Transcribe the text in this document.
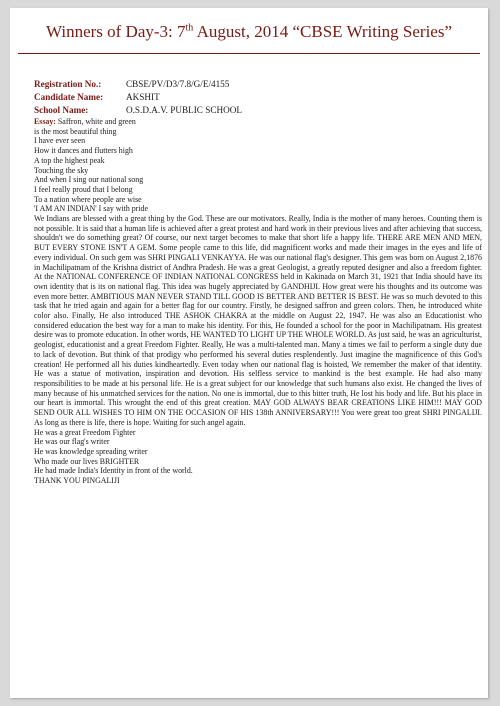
Winners of Day-3: 7th August, 2014 “CBSE Writing Series”
Registration No.:	CBSE/PV/D3/7.8/G/E/4155
Candidate Name:	AKSHIT
School Name:	O.S.D.A.V. PUBLIC SCHOOL
Essay: Saffron, white and green
is the most beautiful thing
I have ever seen
How it dances and flutters high
A top the highest peak
Touching the sky
And when I sing our national song
I feel really proud that I belong
To a nation where people are wise
'I AM AN INDIAN' I say with pride

We Indians are blessed with a great thing by the God. These are our motivators. Really, India is the mother of many heroes. Counting them is not possible. It is said that a human life is achieved after a great protest and hard work in their previous lives and after achieving that success, shouldn't we do something great? Of course, our next target becomes to make that short life a happy life. THERE ARE MEN AND MEN, BUT EVERY STONE ISN'T A GEM. Some people came to this life, did magnificent works and made their images in the eyes and life of every individual. On such gem was SHRI PINGALI VENKAYYA. He was our national flag's designer. This gem was born on August 2,1876 in Machilipatnam of the Krishna district of Andhra Pradesh. He was a great Geologist, a greatly reputed designer and also a freedom fighter. At the NATIONAL CONFERENCE OF INDIAN NATIONAL CONGRESS held in Kakinada on March 31, 1921 that India should have its own identity that is its on national flag. This idea was hugely appreciated by GANDHIJI. How great were his thoughts and its outcome was even more better. AMBITIOUS MAN NEVER STAND TILL GOOD IS BETTER AND BETTER IS BEST. He was so much devoted to this task that he tried again and again for a better flag for our country. Firstly, he designed saffron and green colors. Then, he introduced white color also. Finally, He also introduced THE ASHOK CHAKRA at the middle on August 22, 1947. He was also an Educationist who considered education the best way for a man to make his identity. For this, He founded a school for the poor in Machilipatnam. His greatest desire was to promote education. In other words, HE WANTED TO LIGHT UP THE WHOLE WORLD. As just said, he was an agriculturist, geologist, educationist and a great Freedom Fighter. Really, He was a multi-talented man. Many a times we fail to perform a single duty due to lack of devotion. But think of that prodigy who performed his several duties resplendently. Just imagine the magnificence of this God's creation! He performed all his duties kindheartedly. Even today when our national flag is hoisted, We remember the maker of that identity. He was a statue of motivation, inspiration and devotion. His selfless service to mankind is the best example. He had also many responsibilities to be made at his personal life. He is a great subject for our knowledge that such humans also exist. He changed the lives of many because of his unmatched services for the nation. No one is immortal, due to this bitter truth, He lost his body and life. But his place in our heart is immortal. This wrought the end of this great creation. MAY GOD ALWAYS BEAR CREATIONS LIKE HIM!!! MAY GOD SEND OUR ALL WISHES TO HIM ON THE OCCASION OF HIS 138th ANNIVERSARY!!! You were great too great SHRI PINGALIJI. As long as there is life, there is hope. Waiting for such angel again.

He was a great Freedom Fighter
He was our flag's writer
He was knowledge spreading writer
Who made our lives BRIGHTER
He had made India's Identity in front of the world.
THANK YOU PINGALIJI
